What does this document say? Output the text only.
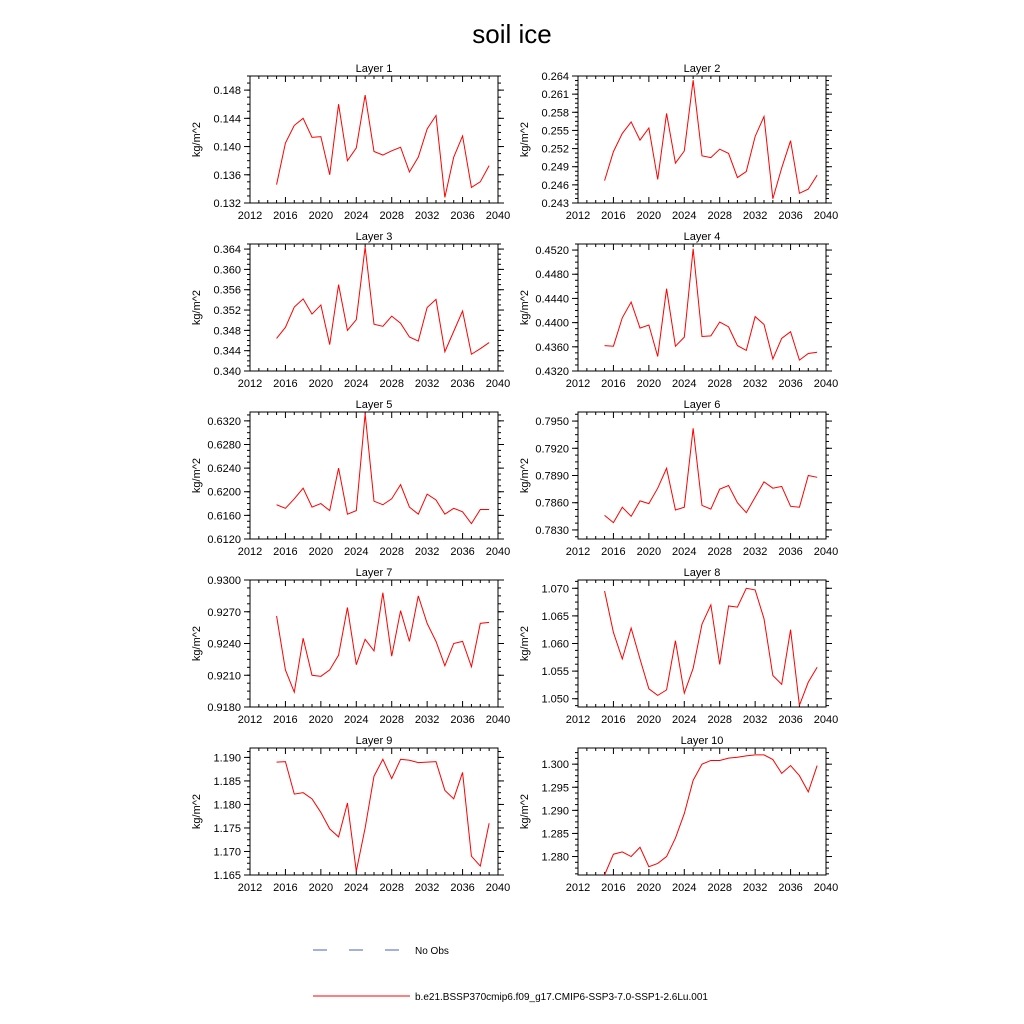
soil ice
Layer 1
kg/m^2
2012 2016 2020 2024 2028 2032 2036 2040
0.132
0.136
0.140
0.144
0.148
Layer 2
kg/m^2
2012 2016 2020 2024 2028 2032 2036 2040
0.243
0.246
0.249
0.252
0.255
0.258
0.261
0.264
Layer 3
kg/m^2
2012 2016 2020 2024 2028 2032 2036 2040
0.340
0.344
0.348
0.352
0.356
0.360
0.364
Layer 4
kg/m^2
2012 2016 2020 2024 2028 2032 2036 2040
0.4320
0.4360
0.4400
0.4440
0.4480
0.4520
Layer 5
kg/m^2
2012 2016 2020 2024 2028 2032 2036 2040
0.6120
0.6160
0.6200
0.6240
0.6280
0.6320
Layer 6
kg/m^2
2012 2016 2020 2024 2028 2032 2036 2040
0.7830
0.7860
0.7890
0.7920
0.7950
Layer 7
kg/m^2
2012 2016 2020 2024 2028 2032 2036 2040
0.9180
0.9210
0.9240
0.9270
0.9300
Layer 8
kg/m^2
2012 2016 2020 2024 2028 2032 2036 2040
1.050
1.055
1.060
1.065
1.070
Layer 9
kg/m^2
2012 2016 2020 2024 2028 2032 2036 2040
1.165
1.170
1.175
1.180
1.185
1.190
Layer 10
kg/m^2
2012 2016 2020 2024 2028 2032 2036 2040
1.280
1.285
1.290
1.295
1.300
No Obs
b.e21.BSSP370cmip6.f09_g17.CMIP6-SSP3-7.0-SSP1-2.6Lu.001
